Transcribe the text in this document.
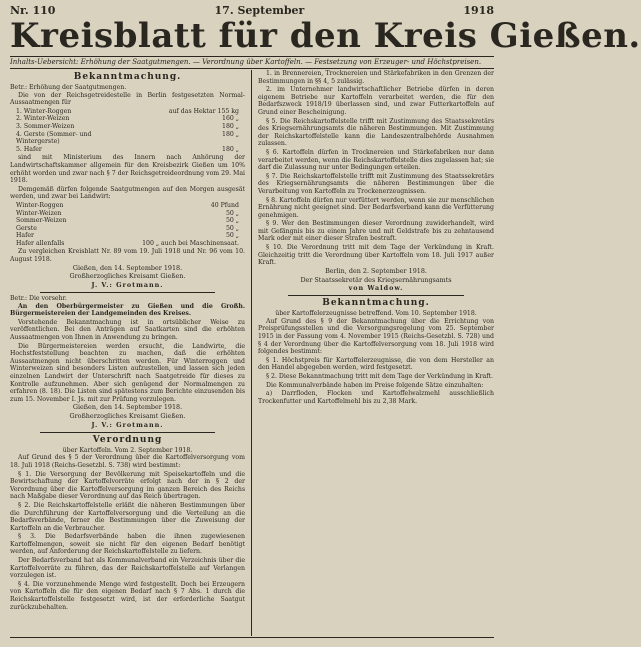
Nr. 110	17. September	1918
Kreisblatt für den Kreis Gießen.
Inhalts-Uebersicht: Erhöhung der Saatgutmengen. — Verordnung über Kartoffeln. — Festsetzung von Erzeuger- und Höchstpreisen.
Bekanntmachung.

Betr.: Erhöhung der Saatgutmengen.

Die von der Reichsgetreidestelle in Berlin festgesetzten Normal-Aussaatmengen für

1. Winter-Roggen	auf das Hektar 155 kg
2. Winter-Weizen	160 „
3. Sommer-Weizen	180 „
4. Gerste (Sommer- und Wintergerste)
180 „
5. Hafer	180 „

sind mit Ministerium des Innern nach Anhörung der Landwirtschaftskammer allgemein für den Kreisbezirk Gießen um 10% erhöht worden und zwar nach § 7 der Reichsgetreideordnung vom 29. Mai 1918.

Demgemäß dürfen folgende Saatgutmengen auf den Morgen ausgesät werden, und zwar bei Landwirt:

Winter-Roggen	40 Pfund
Winter-Weizen	50 „
Sommer-Weizen	50 „
Gerste	50 „
Hafer	50 „
Hafer allenfalls	100 „ auch bei Maschinensaat.

Zu vergleichen Kreisblatt Nr. 89 vom 19. Juli 1918 und Nr. 96 vom 10. August 1918.

Gießen, den 14. September 1918.

Großherzogliches Kreisamt Gießen.

J. V.: Grotmann.

Betr.: Die vorsehr.

An den Oberbürgermeister zu Gießen und die Großh. Bürgermeistereien der Landgemeinden des Kreises.

Vorstehende Bekanntmachung ist in ortsüblicher Weise zu veröffentlichen. Bei den Anträgen auf Saatkarten sind die erhöhten Aussaatmengen von Ihnen in Anwendung zu bringen.

Die Bürgermeistereien werden ersucht, die Landwirte, die Hochstfeststellung beachten zu machen, daß die erhöhten Aussaatmengen nicht überschritten werden. Für Winterroggen und Winterweizen sind besonders Listen aufzustellen, und lassen sich jeden einzelnen Landwirt der Unterschrift nach Saatgetreide für dieses zu Kontrolle aufzunehmen. Aber sich genügend der Normalmengen zu erfahren (8. 18). Die Listen sind spätestens zum Berichte einzusenden bis zum 15. November I. Js. mit zur Prüfung vorzulegen.

Gießen, den 14. September 1918.

Großherzogliches Kreisamt Gießen.

J. V.: Grotmann.

Verordnung

über Kartoffeln. Vom 2. September 1918.

Auf Grund des § 5 der Verordnung über die Kartoffelversorgung vom 18. Juli 1918 (Reichs-Gesetzbl. S. 738) wird bestimmt:

§ 1. Die Versorgung der Bevölkerung mit Speisekartoffeln und die Bewirtschaftung der Kartoffelvorräte erfolgt nach der in § 2 der Verordnung über die Kartoffelversorgung im ganzen Bereich des Reichs nach Maßgabe dieser Verordnung auf das Reich übertragen.

§ 2. Die Reichskartoffelstelle erläßt die näheren Bestimmungen über die Durchführung der Kartoffelversorgung und die Verteilung an die Bedarfsverbände, ferner die Bestimmungen über die Zuweisung der Kartoffeln an die Verbraucher.

§ 3. Die Bedarfsverbände haben die ihnen zugewiesenen Kartoffelmengen, soweit sie nicht für den eigenen Bedarf benötigt werden, auf Anforderung der Reichskartoffelstelle zu liefern.

Der Bedarfsverband hat als Kommunalverband ein Verzeichnis über die Kartoffelvorräte zu führen, das der Reichskartoffelstelle auf Verlangen vorzulegen ist.

§ 4. Die vorzunehmende Menge wird festgestellt. Doch bei Erzeugern von Kartoffeln die für den eigenen Bedarf nach § 7 Abs. 1 durch die Reichskartoffelstelle festgesetzt wird, ist der erforderliche Saatgut zurückzubehalten.

1. in Brennereien, Trocknereien und Stärkefabriken in den Grenzen der Bestimmungen in §§ 4, 5 zulässig.

2. im Unternehmer landwirtschaftlicher Betriebe dürfen in deren eigenem Betriebe nur Kartoffeln verarbeitet werden, die für den Bedarfszweck 1918/19 überlassen sind, und zwar Futterkartoffeln auf Grund einer Bescheinigung.

§ 5. Die Reichskartoffelstelle trifft mit Zustimmung des Staatssekretärs des Kriegsernährungsamts die näheren Bestimmungen. Mit Zustimmung der Reichskartoffelstelle kann die Landeszentralbehörde Ausnahmen zulassen.

§ 6. Kartoffeln dürfen in Trocknereien und Stärkefabriken nur dann verarbeitet werden, wenn die Reichskartoffelstelle dies zugelassen hat; sie darf die Zulassung nur unter Bedingungen erteilen.

§ 7. Die Reichskartoffelstelle trifft mit Zustimmung des Staatssekretärs des Kriegsernährungsamts die näheren Bestimmungen über die Verarbeitung von Kartoffeln zu Trockenerzeugnissen.

§ 8. Kartoffeln dürfen nur verfüttert werden, wenn sie zur menschlichen Ernährung nicht geeignet sind. Der Bedarfsverband kann die Verfütterung genehmigen.

§ 9. Wer den Bestimmungen dieser Verordnung zuwiderhandelt, wird mit Gefängnis bis zu einem Jahre und mit Geldstrafe bis zu zehntausend Mark oder mit einer dieser Strafen bestraft.

§ 10. Die Verordnung tritt mit dem Tage der Verkündung in Kraft. Gleichzeitig tritt die Verordnung über Kartoffeln vom 18. Juli 1917 außer Kraft.

Berlin, den 2. September 1918.

Der Staatssekretär des Kriegsernährungsamts

von Waldow.

Bekanntmachung.

über Kartoffelerzeugnisse betreffend. Vom 10. September 1918.

Auf Grund des § 9 der Bekanntmachung über die Errichtung von Preisprüfungsstellen und die Versorgungsregelung vom 25. September 1915 in der Fassung vom 4. November 1915 (Reichs-Gesetzbl. S. 728) und § 4 der Verordnung über die Kartoffelversorgung vom 18. Juli 1918 wird folgendes bestimmt:

§ 1. Höchstpreis für Kartoffelerzeugnisse, die von dem Hersteller an den Handel abgegeben werden, wird festgesetzt.

§ 2. Diese Bekanntmachung tritt mit dem Tage der Verkündung in Kraft.

Die Kommunalverbände haben im Preise folgende Sätze einzuhalten:

a) Darrfloden, Flocken und Kartoffelwalzmehl ausschließlich Trockenfutter und Kartoffelmehl bis zu 2,38 Mark.
